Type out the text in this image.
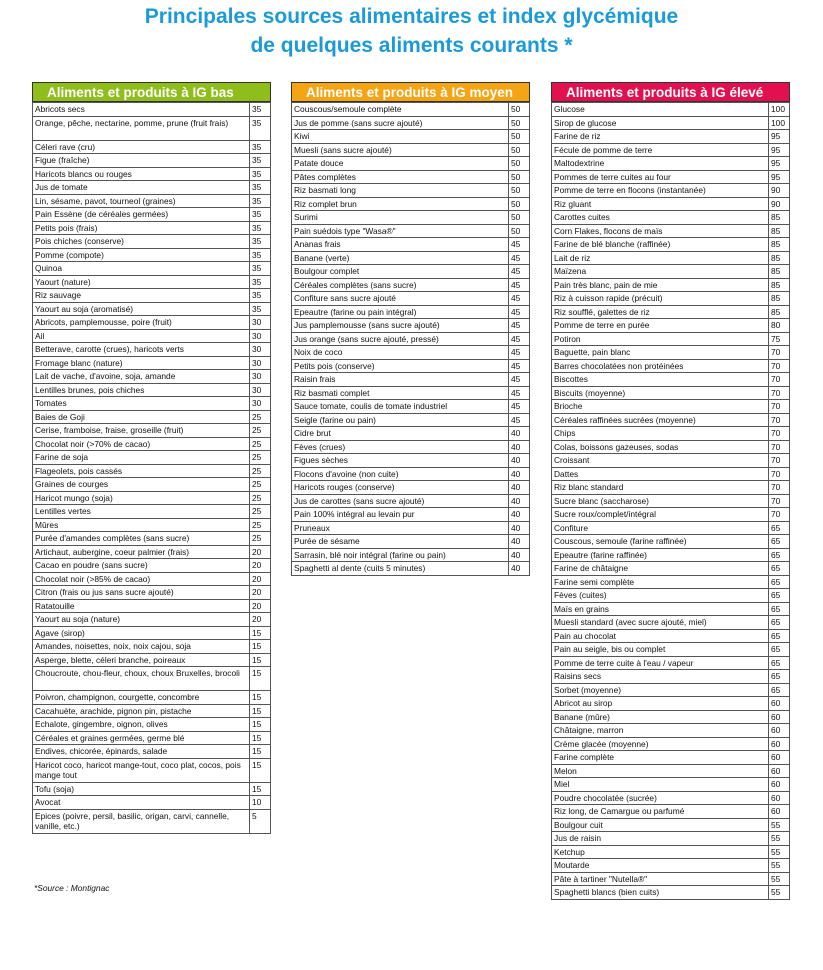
Principales sources alimentaires et index glycémique
de quelques aliments courants *
Aliments et produits à IG bas
Abricots secs	35
Orange, pêche, nectarine, pomme, prune (fruit frais)	35
Céleri rave (cru)	35
Figue (fraîche)	35
Haricots blancs ou rouges	35
Jus de tomate	35
Lin, sésame, pavot, tourneol (graines)	35
Pain Essène (de céréales germées)	35
Petits pois (frais)	35
Pois chiches (conserve)	35
Pomme (compote)	35
Quinoa	35
Yaourt (nature)	35
Riz sauvage	35
Yaourt au soja (aromatisé)	35
Abricots, pamplemousse, poire (fruit)	30
Ail	30
Betterave, carotte (crues), haricots verts	30
Fromage blanc (nature)	30
Lait de vache, d'avoine, soja, amande	30
Lentilles brunes, pois chiches	30
Tomates	30
Baies de Goji	25
Cerise, framboise, fraise, groseille (fruit)	25
Chocolat noir (>70% de cacao)	25
Farine de soja	25
Flageolets, pois cassés	25
Graines de courges	25
Haricot mungo (soja)	25
Lentilles vertes	25
Mûres	25
Purée d'amandes complètes (sans sucre)	25
Artichaut, aubergine, coeur palmier (frais)	20
Cacao en poudre (sans sucre)	20
Chocolat noir (>85% de cacao)	20
Citron (frais ou jus sans sucre ajouté)	20
Ratatouille	20
Yaourt au soja (nature)	20
Agave (sirop)	15
Amandes, noisettes, noix, noix cajou, soja	15
Asperge, blette, céleri branche, poireaux	15
Choucroute, chou-fleur, choux, choux Bruxelles, brocoli	15
Poivron, champignon, courgette, concombre	15
Cacahuète, arachide, pignon pin, pistache	15
Echalote, gingembre, oignon, olives	15
Céréales et graines germées, germe blé	15
Endives, chicorée, épinards, salade	15
Haricot coco, haricot mange-tout, coco plat, cocos, pois mange tout	15
Tofu (soja)	15
Avocat	10
Epices (poivre, persil, basilic, origan, carvi, cannelle, vanille, etc.)	5
Aliments et produits à IG moyen
Couscous/semoule complète	50
Jus de pomme (sans sucre ajouté)	50
Kiwi	50
Muesli (sans sucre ajouté)	50
Patate douce	50
Pâtes complètes	50
Riz basmati long	50
Riz complet brun	50
Surimi	50
Pain suédois type "Wasa®"	50
Ananas frais	45
Banane (verte)	45
Boulgour complet	45
Céréales complètes (sans sucre)	45
Confiture sans sucre ajouté	45
Epeautre (farine ou pain intégral)	45
Jus pamplemousse (sans sucre ajouté)	45
Jus orange (sans sucre ajouté, pressé)	45
Noix de coco	45
Petits pois (conserve)	45
Raisin frais	45
Riz basmati complet	45
Sauce tomate, coulis de tomate industriel	45
Seigle (farine ou pain)	45
Cidre brut	40
Fèves (crues)	40
Figues sèches	40
Flocons d'avoine (non cuite)	40
Haricots rouges (conserve)	40
Jus de carottes (sans sucre ajouté)	40
Pain 100% intégral au levain pur	40
Pruneaux	40
Purée de sésame	40
Sarrasin, blé noir intégral (farine ou pain)	40
Spaghetti al dente (cuits 5 minutes)	40
Aliments et produits à IG élevé
Glucose	100
Sirop de glucose	100
Farine de riz	95
Fécule de pomme de terre	95
Maltodextrine	95
Pommes de terre cuites au four	95
Pomme de terre en flocons (instantanée)	90
Riz gluant	90
Carottes cuites	85
Corn Flakes, flocons de maïs	85
Farine de blé blanche (raffinée)	85
Lait de riz	85
Maïzena	85
Pain très blanc, pain de mie	85
Riz à cuisson rapide (précuit)	85
Riz soufflé, galettes de riz	85
Pomme de terre en purée	80
Potiron	75
Baguette, pain blanc	70
Barres chocolatées non protéinées	70
Biscottes	70
Biscuits (moyenne)	70
Brioche	70
Céréales raffinées sucrées (moyenne)	70
Chips	70
Colas, boissons gazeuses, sodas	70
Croissant	70
Dattes	70
Riz blanc standard	70
Sucre blanc (saccharose)	70
Sucre roux/complet/intégral	70
Confiture	65
Couscous, semoule (farine raffinée)	65
Epeautre (farine raffinée)	65
Farine de châtaigne	65
Farine semi complète	65
Fèves (cuites)	65
Maïs en grains	65
Muesli standard (avec sucre ajouté, miel)	65
Pain au chocolat	65
Pain au seigle, bis ou complet	65
Pomme de terre cuite à l'eau / vapeur	65
Raisins secs	65
Sorbet (moyenne)	65
Abricot au sirop	60
Banane (mûre)	60
Châtaigne, marron	60
Crème glacée (moyenne)	60
Farine complète	60
Melon	60
Miel	60
Poudre chocolatée (sucrée)	60
Riz long, de Camargue ou parfumé	60
Boulgour cuit	55
Jus de raisin	55
Ketchup	55
Moutarde	55
Pâte à tartiner "Nutella®"	55
Spaghetti blancs (bien cuits)	55
*Source : Montignac
